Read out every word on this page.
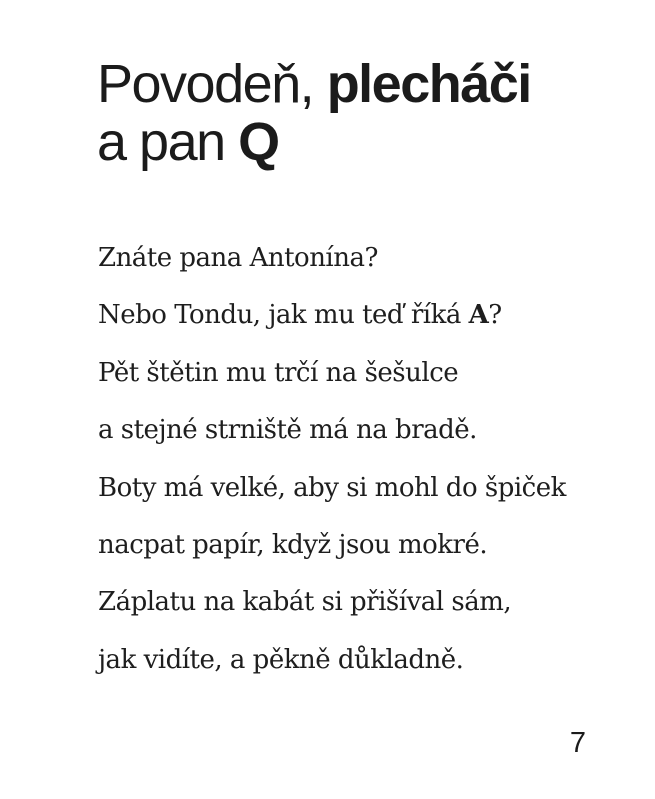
Povodeň, plecháči
a pan Q
Znáte pana Antonína?
Nebo Tondu, jak mu teď říká A?
Pět štětin mu trčí na šešulce
a stejné strniště má na bradě.
Boty má velké, aby si mohl do špiček
nacpat papír, když jsou mokré.
Záplatu na kabát si přišíval sám,
jak vidíte, a pěkně důkladně.
7
